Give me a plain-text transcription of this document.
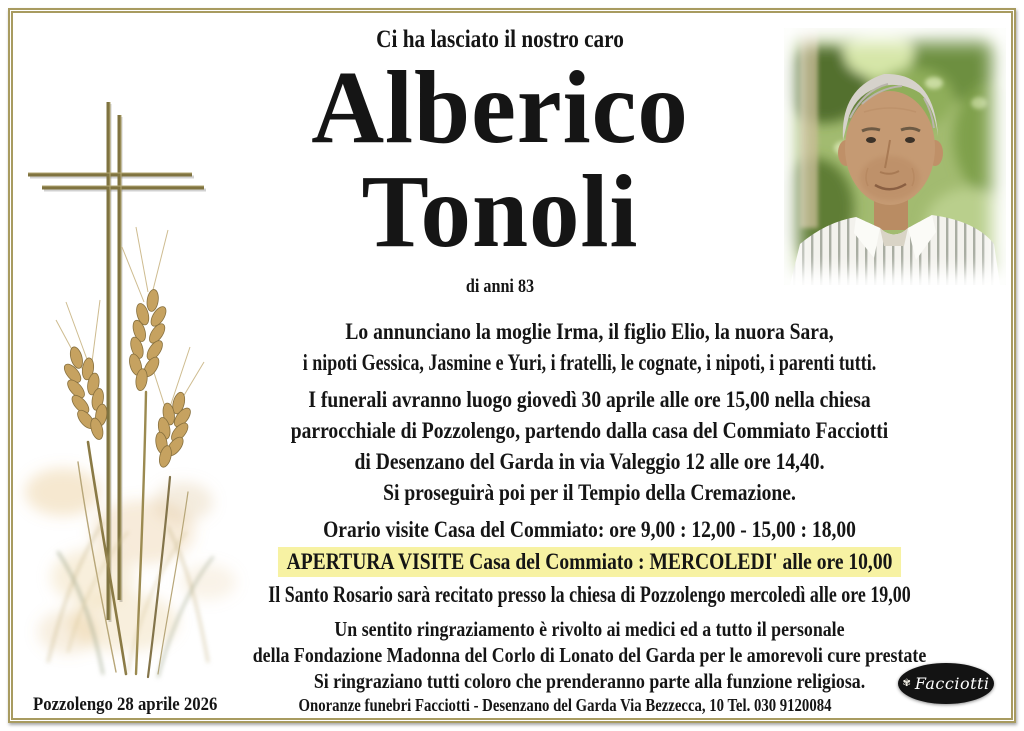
Ci ha lasciato il nostro caro
Alberico
Tonoli
di anni 83
Lo annunciano la moglie Irma, il figlio Elio, la nuora Sara,
i nipoti Gessica, Jasmine e Yuri, i fratelli, le cognate, i nipoti, i parenti tutti.
I funerali avranno luogo giovedì 30 aprile alle ore 15,00 nella chiesa
parrocchiale di Pozzolengo, partendo dalla casa del Commiato Facciotti
di Desenzano del Garda in via Valeggio 12 alle ore 14,40.
Si proseguirà poi per il Tempio della Cremazione.
Orario visite Casa del Commiato: ore 9,00 : 12,00 - 15,00 : 18,00
APERTURA VISITE Casa del Commiato : MERCOLEDI' alle ore 10,00
Il Santo Rosario sarà recitato presso la chiesa di Pozzolengo mercoledì alle ore 19,00
Un sentito ringraziamento è rivolto ai medici ed a tutto il personale
della Fondazione Madonna del Corlo di Lonato del Garda per le amorevoli cure prestate
Si ringraziano tutti coloro che prenderanno parte alla funzione religiosa.
Pozzolengo 28 aprile 2026	Onoranze funebri Facciotti - Desenzano del Garda Via Bezzecca, 10 Tel. 030 9120084
✾ Facciotti
